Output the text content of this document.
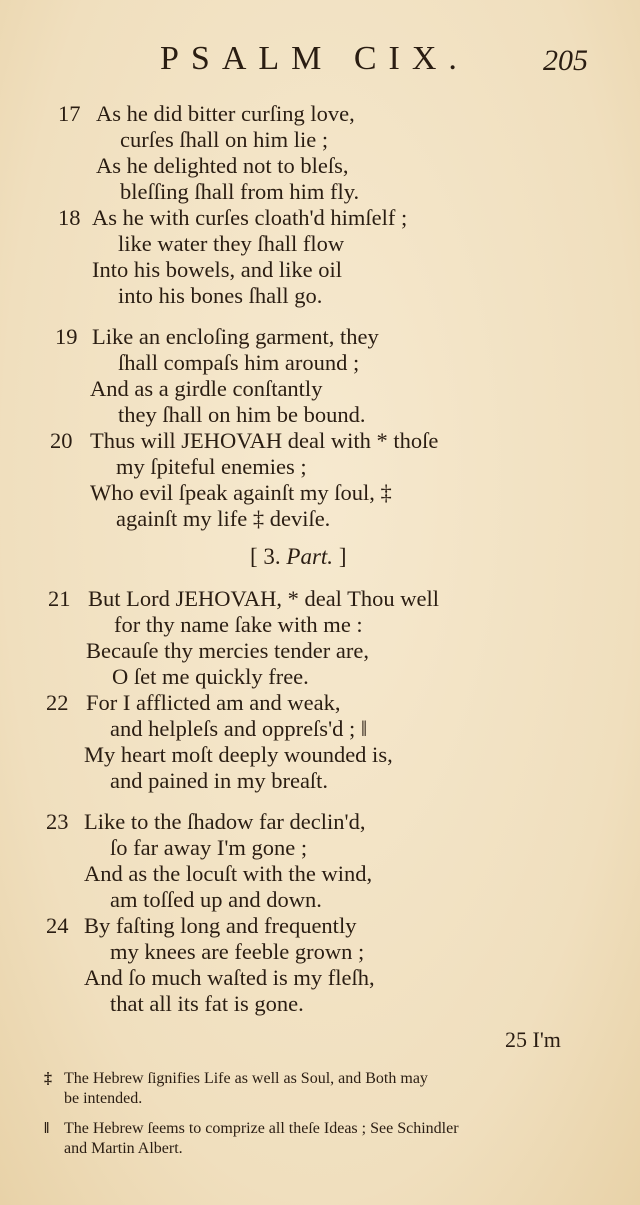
PSALM CIX. 205
17 As he did bitter curſing love,
curſes ſhall on him lie ;
As he delighted not to bleſs,
bleſſing ſhall from him fly.
18 As he with curſes cloath'd himſelf ;
like water they ſhall flow
Into his bowels, and like oil
into his bones ſhall go.
19 Like an encloſing garment, they
ſhall compaſs him around ;
And as a girdle conſtantly
they ſhall on him be bound.
20 Thus will JEHOVAH deal with * thoſe
my ſpiteful enemies ;
Who evil ſpeak againſt my ſoul, ‡
againſt my life ‡ deviſe.
[ 3. Part. ]
21 But Lord JEHOVAH, * deal Thou well
for thy name ſake with me :
Becauſe thy mercies tender are,
O ſet me quickly free.
22 For I afflicted am and weak,
and helpleſs and oppreſs'd ; ‖
My heart moſt deeply wounded is,
and pained in my breaſt.
23 Like to the ſhadow far declin'd,
ſo far away I'm gone ;
And as the locuſt with the wind,
am toſſed up and down.
24 By faſting long and frequently
my knees are feeble grown ;
And ſo much waſted is my fleſh,
that all its fat is gone.
25 I'm
‡ The Hebrew ſignifies Life as well as Soul, and Both may
be intended.
‖ The Hebrew ſeems to comprize all theſe Ideas ; See Schindler
and Martin Albert.
